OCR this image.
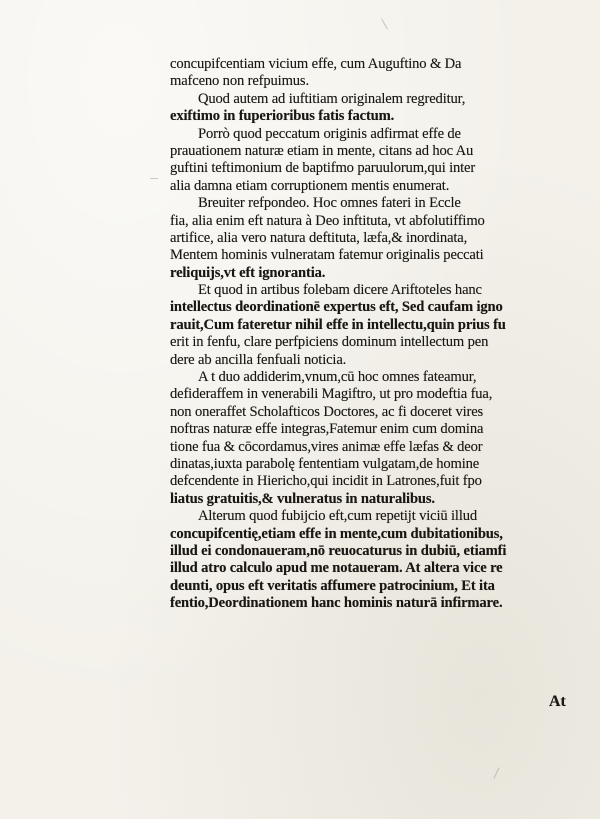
concupifcentiam vicium effe, cum Auguftino & Da
mafceno non refpuimus.
Quod autem ad iuftitiam originalem regreditur,
exiftimo in fuperioribus fatis factum.
Porrò quod peccatum originis adfirmat effe de
prauationem naturæ etiam in mente, citans ad hoc Au
guftini teftimonium de baptifmo paruulorum,qui inter
alia damna etiam corruptionem mentis enumerat.
Breuiter refpondeo. Hoc omnes fateri in Eccle
fia, alia enim eft natura à Deo inftituta, vt abfolutiffimo
artifice, alia vero natura deftituta, læfa,& inordinata,
Mentem hominis vulneratam fatemur originalis peccati
reliquijs,vt eft ignorantia.
Et quod in artibus folebam dicere Ariftoteles hanc
intellectus deordinationē expertus eft, Sed caufam igno
rauit,Cum fateretur nihil effe in intellectu,quin prius fu
erit in fenfu, clare perfpiciens dominum intellectum pen
dere ab ancilla fenfuali noticia.
A t duo addiderim,vnum,cū hoc omnes fateamur,
defideraffem in venerabili Magiftro, ut pro modeftia fua,
non oneraffet Scholafticos Doctores, ac fi doceret vires
noftras naturæ effe integras,Fatemur enim cum domina
tione fua & cōcordamus,vires animæ effe læfas & deor
dinatas,iuxta parabolę fententiam vulgatam,de homine
defcendente in Hiericho,qui incidit in Latrones,fuit fpo
liatus gratuitis,& vulneratus in naturalibus.
Alterum quod fubijcio eft,cum repetijt viciū illud
concupifcentię,etiam effe in mente,cum dubitationibus,
illud ei condonaueram,nō reuocaturus in dubiū, etiamfi
illud atro calculo apud me notaueram. At altera vice re
deunti, opus eft veritatis affumere patrocinium, Et ita
fentio,Deordinationem hanc hominis naturā infirmare.
At
